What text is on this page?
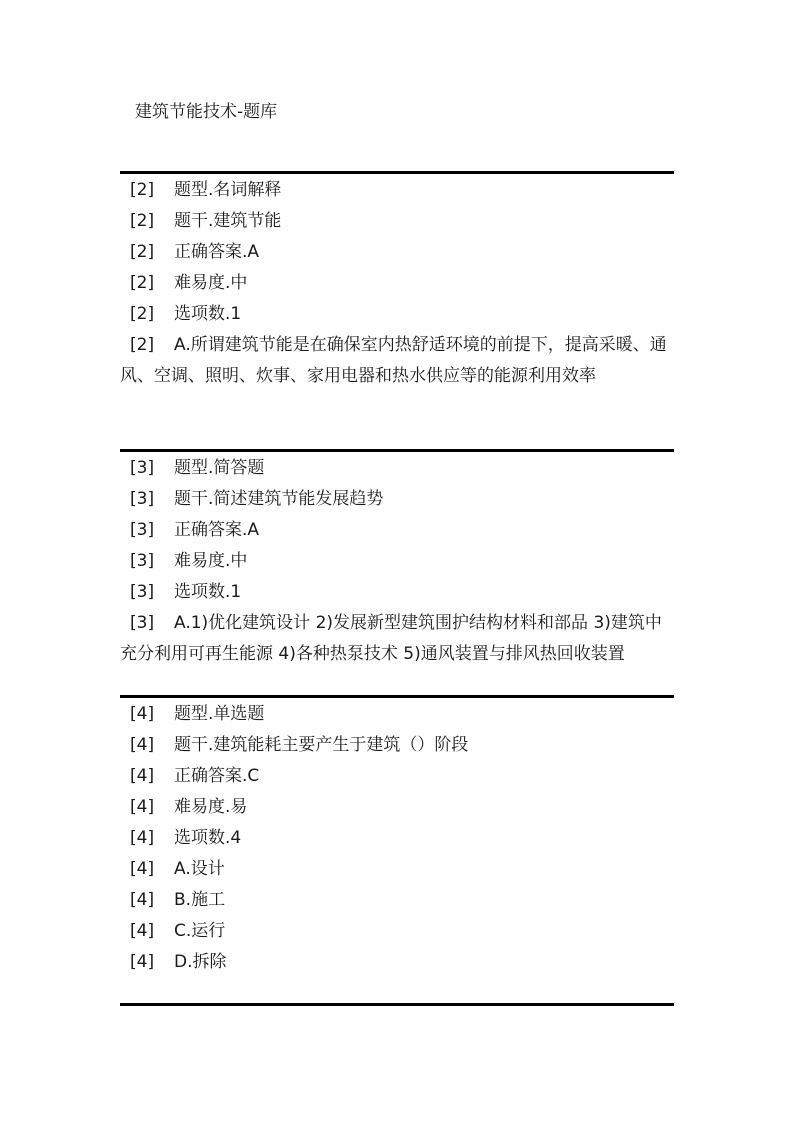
建筑节能技术-题库
[2] 题型.名词解释
[2] 题干.建筑节能
[2] 正确答案.A
[2] 难易度.中
[2] 选项数.1
[2] A.所谓建筑节能是在确保室内热舒适环境的前提下，提高采暖、通风、空调、照明、炊事、家用电器和热水供应等的能源利用效率
[3] 题型.简答题
[3] 题干.简述建筑节能发展趋势
[3] 正确答案.A
[3] 难易度.中
[3] 选项数.1
[3] A.1)优化建筑设计 2)发展新型建筑围护结构材料和部品 3)建筑中充分利用可再生能源 4)各种热泵技术 5)通风装置与排风热回收装置
[4] 题型.单选题
[4] 题干.建筑能耗主要产生于建筑（）阶段
[4] 正确答案.C
[4] 难易度.易
[4] 选项数.4
[4] A.设计
[4] B.施工
[4] C.运行
[4] D.拆除
